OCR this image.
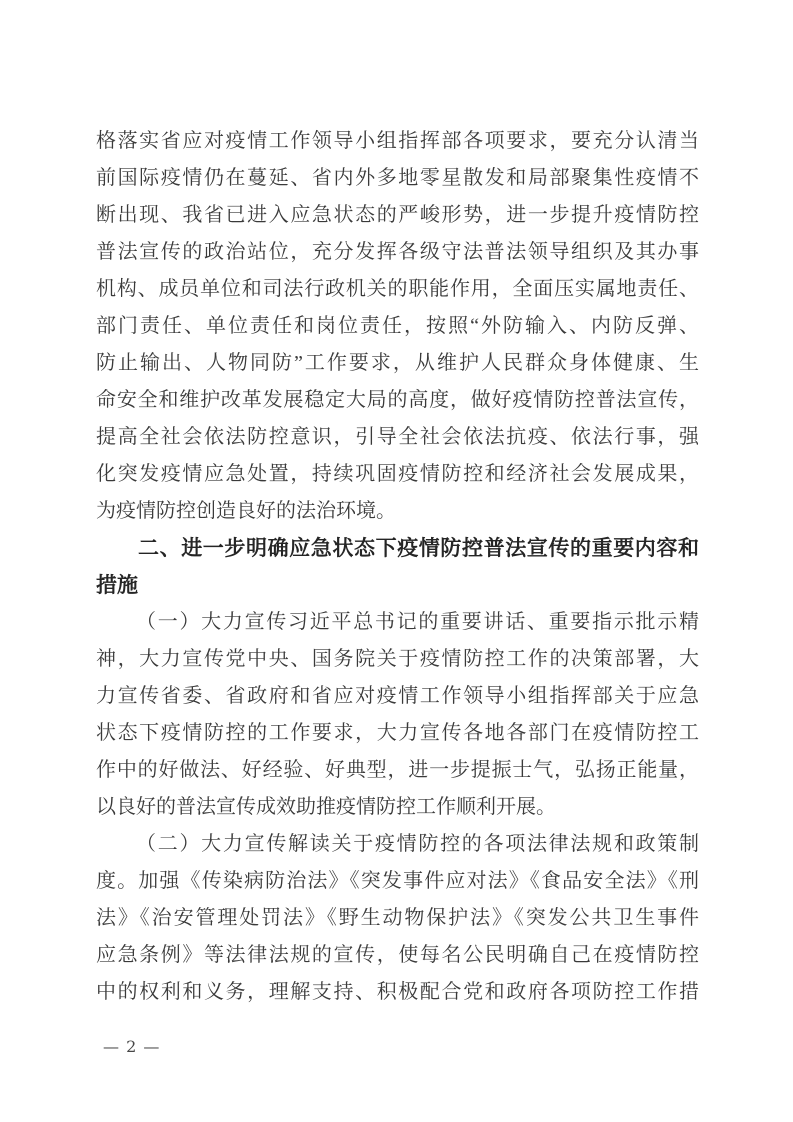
格落实省应对疫情工作领导小组指挥部各项要求，要充分认清当
前国际疫情仍在蔓延、省内外多地零星散发和局部聚集性疫情不
断出现、我省已进入应急状态的严峻形势，进一步提升疫情防控
普法宣传的政治站位，充分发挥各级守法普法领导组织及其办事
机构、成员单位和司法行政机关的职能作用，全面压实属地责任、
部门责任、单位责任和岗位责任，按照“外防输入、内防反弹、
防止输出、人物同防”工作要求，从维护人民群众身体健康、生
命安全和维护改革发展稳定大局的高度，做好疫情防控普法宣传，
提高全社会依法防控意识，引导全社会依法抗疫、依法行事，强
化突发疫情应急处置，持续巩固疫情防控和经济社会发展成果，
为疫情防控创造良好的法治环境。
二、进一步明确应急状态下疫情防控普法宣传的重要内容和
措施
（一）大力宣传习近平总书记的重要讲话、重要指示批示精
神，大力宣传党中央、国务院关于疫情防控工作的决策部署，大
力宣传省委、省政府和省应对疫情工作领导小组指挥部关于应急
状态下疫情防控的工作要求，大力宣传各地各部门在疫情防控工
作中的好做法、好经验、好典型，进一步提振士气，弘扬正能量，
以良好的普法宣传成效助推疫情防控工作顺利开展。
（二）大力宣传解读关于疫情防控的各项法律法规和政策制
度。加强《传染病防治法》《突发事件应对法》《食品安全法》《刑
法》《治安管理处罚法》《野生动物保护法》《突发公共卫生事件
应急条例》等法律法规的宣传，使每名公民明确自己在疫情防控
中的权利和义务，理解支持、积极配合党和政府各项防控工作措
— 2 —
